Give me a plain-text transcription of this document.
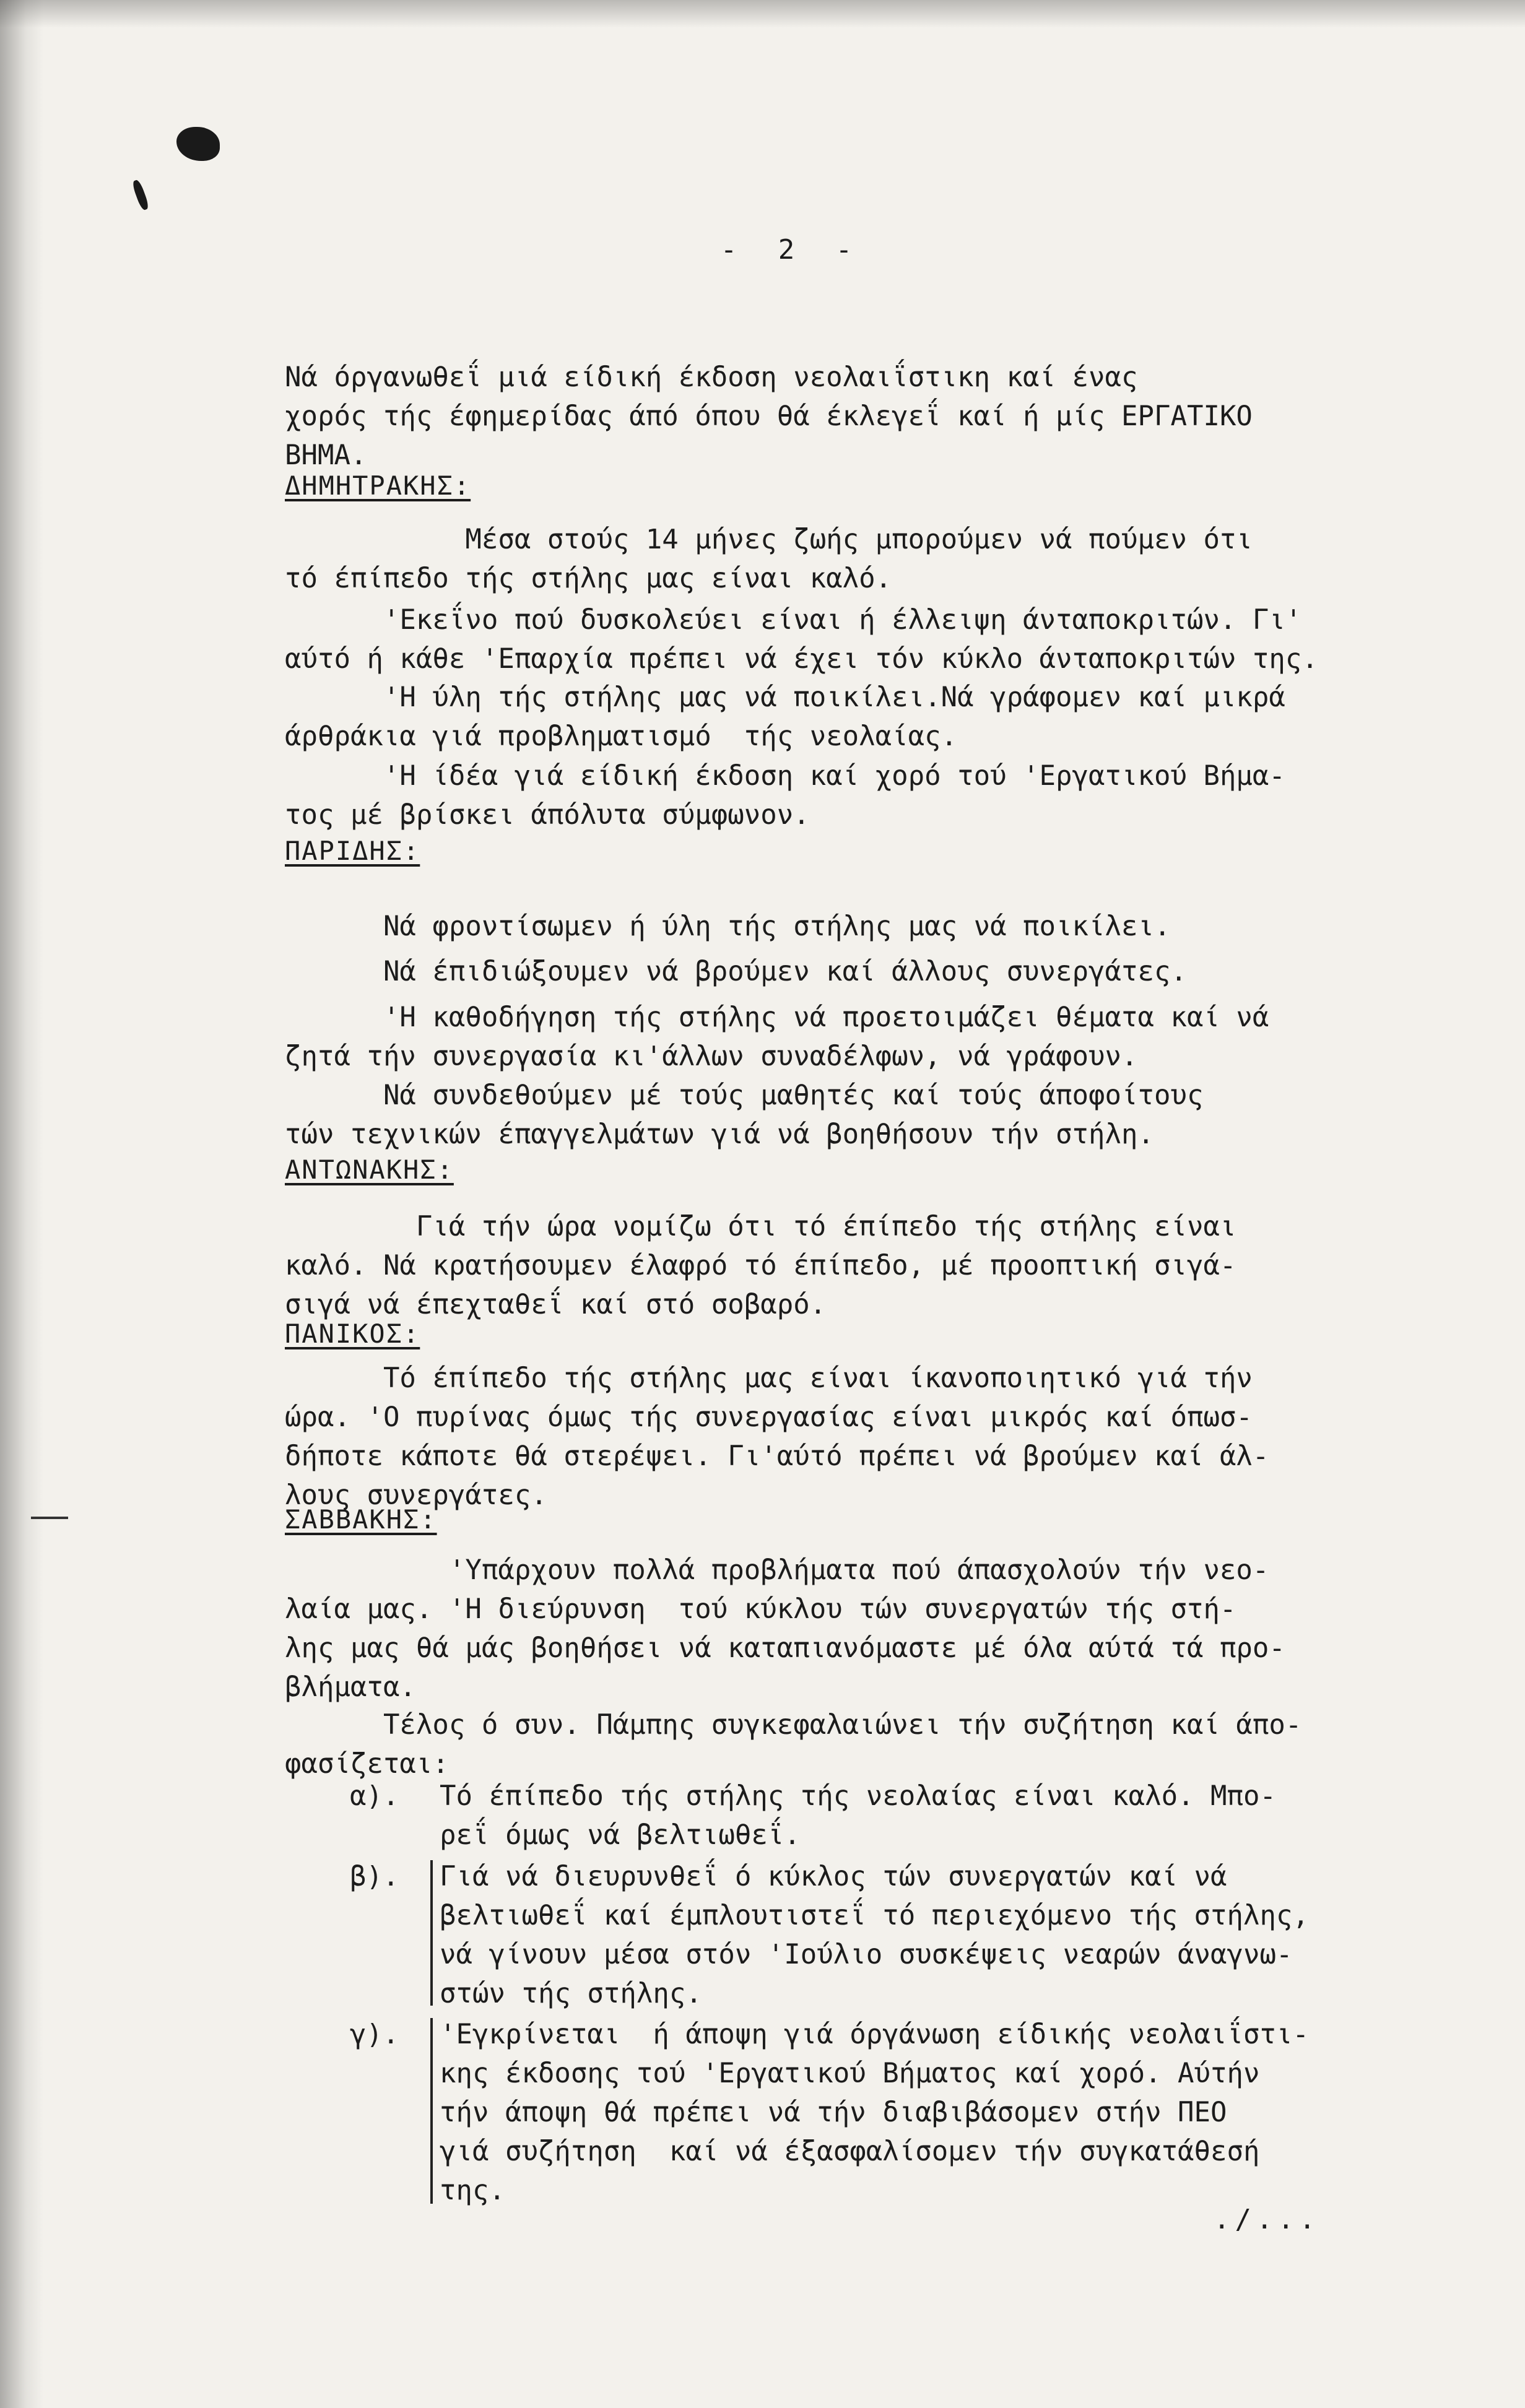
- 2 -
Νά όργανωθεΐ μιά είδική έκδοση νεολαιΐστικη καί ένας
χορός τής έφημερίδας άπό όπου θά έκλεγεΐ καί ή μίς ΕΡΓΑΤΙΚΟ
ΒΗΜΑ.
ΔΗΜΗΤΡΑΚΗΣ:
Μέσα στούς 14 μήνες ζωής μπορούμεν νά πούμεν ότι
τό έπίπεδο τής στήλης μας είναι καλό.
'Εκεΐνο πού δυσκολεύει είναι ή έλλειψη άνταποκριτών. Γι'
αύτό ή κάθε 'Επαρχία πρέπει νά έχει τόν κύκλο άνταποκριτών της.
'Η ύλη τής στήλης μας νά ποικίλει.Νά γράφομεν καί μικρά
άρθράκια γιά προβληματισμό  τής νεολαίας.
'Η ίδέα γιά είδική έκδοση καί χορό τού 'Εργατικού Βήμα-
τος μέ βρίσκει άπόλυτα σύμφωνον.
ΠΑΡΙΔΗΣ:
Νά φροντίσωμεν ή ύλη τής στήλης μας νά ποικίλει.
Νά έπιδιώξουμεν νά βρούμεν καί άλλους συνεργάτες.
'Η καθοδήγηση τής στήλης νά προετοιμάζει θέματα καί νά
ζητά τήν συνεργασία κι'άλλων συναδέλφων, νά γράφουν.
Νά συνδεθούμεν μέ τούς μαθητές καί τούς άποφοίτους
τών τεχνικών έπαγγελμάτων γιά νά βοηθήσουν τήν στήλη.
ΑΝΤΩΝΑΚΗΣ:
Γιά τήν ώρα νομίζω ότι τό έπίπεδο τής στήλης είναι
καλό. Νά κρατήσουμεν έλαφρό τό έπίπεδο, μέ προοπτική σιγά-
σιγά νά έπεχταθεΐ καί στό σοβαρό.
ΠΑΝΙΚΟΣ:
Τό έπίπεδο τής στήλης μας είναι ίκανοποιητικό γιά τήν
ώρα. 'Ο πυρίνας όμως τής συνεργασίας είναι μικρός καί όπωσ-
δήποτε κάποτε θά στερέψει. Γι'αύτό πρέπει νά βρούμεν καί άλ-
λους συνεργάτες.
ΣΑΒΒΑΚΗΣ:
'Υπάρχουν πολλά προβλήματα πού άπασχολούν τήν νεο-
λαία μας. 'Η διεύρυνση  τού κύκλου τών συνεργατών τής στή-
λης μας θά μάς βοηθήσει νά καταπιανόμαστε μέ όλα αύτά τά προ-
βλήματα.
Τέλος ό συν. Πάμπης συγκεφαλαιώνει τήν συζήτηση καί άπο-
φασίζεται:
α). Τό έπίπεδο τής στήλης τής νεολαίας είναι καλό. Μπο-
ρεΐ όμως νά βελτιωθεΐ.
β). Γιά νά διευρυνθεΐ ό κύκλος τών συνεργατών καί νά
βελτιωθεΐ καί έμπλουτιστεΐ τό περιεχόμενο τής στήλης,
νά γίνουν μέσα στόν 'Ιούλιο συσκέψεις νεαρών άναγνω-
στών τής στήλης.
γ). 'Εγκρίνεται  ή άποψη γιά όργάνωση είδικής νεολαιΐστι-
κης έκδοσης τού 'Εργατικού Βήματος καί χορό. Αύτήν
τήν άποψη θά πρέπει νά τήν διαβιβάσομεν στήν ΠΕΟ
γιά συζήτηση  καί νά έξασφαλίσομεν τήν συγκατάθεσή
της.
./...
